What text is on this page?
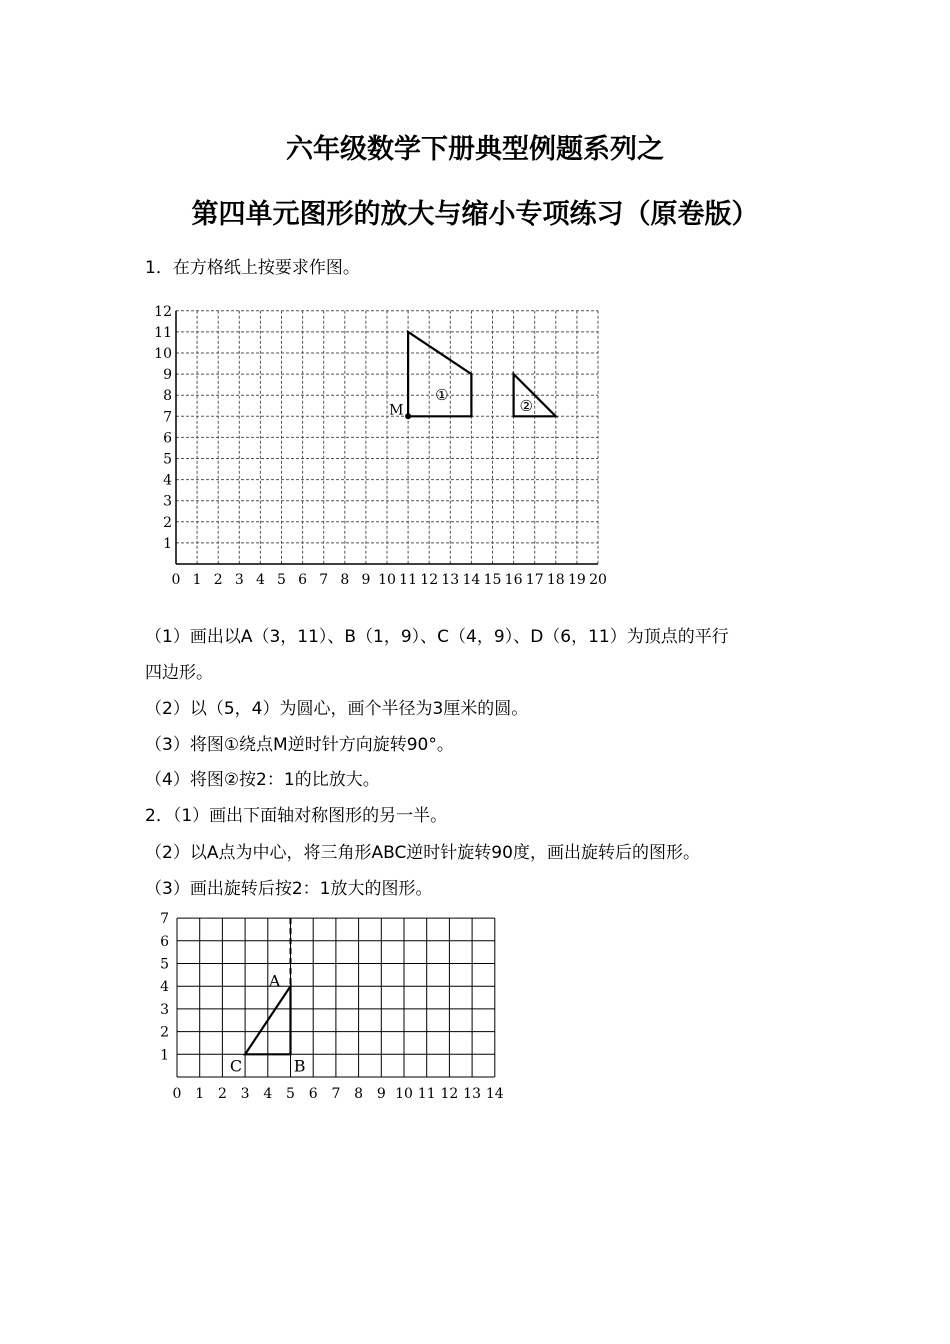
六年级数学下册典型例题系列之
第四单元图形的放大与缩小专项练习（原卷版）
1．在方格纸上按要求作图。
0 1 2 3 4 5 6 7 8 9 10 11 12 13 14 15 16 17 18 19 20
1
2
3
4
5
6
7
8
9
10
11
12
M
①
②
（1）画出以A（3，11）、B（1，9）、C（4，9）、D（6，11）为顶点的平行
四边形。
（2）以（5，4）为圆心，画个半径为3厘米的圆。
（3）将图①绕点M逆时针方向旋转90°。
（4）将图②按2：1的比放大。
2．（1）画出下面轴对称图形的另一半。
（2）以A点为中心，将三角形ABC逆时针旋转90度，画出旋转后的图形。
（3）画出旋转后按2：1放大的图形。
0 1 2 3 4 5 6 7 8 9 10 11 12 13 14
1
2
3
4
5
6
7
A
B
C
